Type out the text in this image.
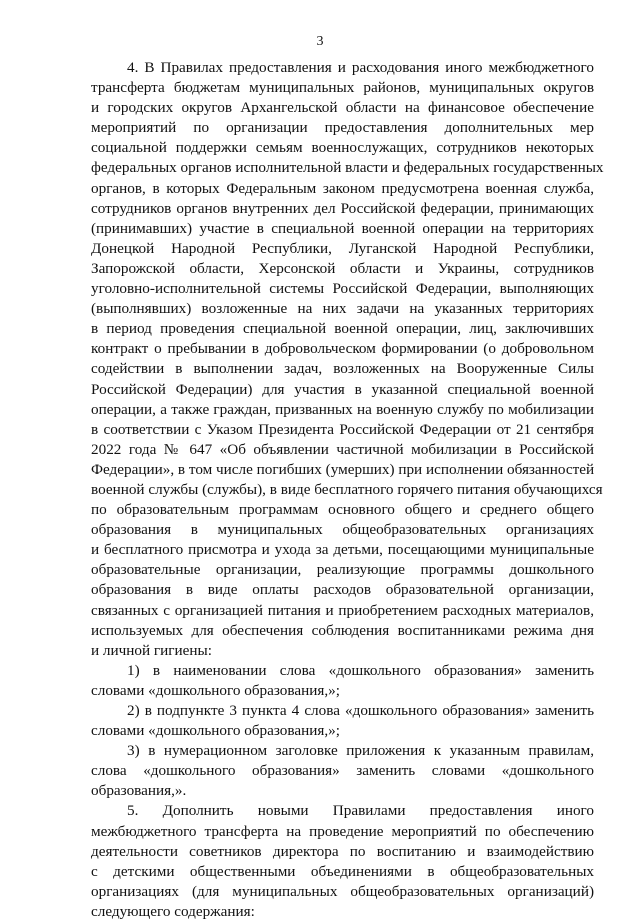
3
4. В Правилах предоставления и расходования иного межбюджетного
трансферта бюджетам муниципальных районов, муниципальных округов
и городских округов Архангельской области на финансовое обеспечение
мероприятий по организации предоставления дополнительных мер
социальной поддержки семьям военнослужащих, сотрудников некоторых
федеральных органов исполнительной власти и федеральных государственных
органов, в которых Федеральным законом предусмотрена военная служба,
сотрудников органов внутренних дел Российской федерации, принимающих
(принимавших) участие в специальной военной операции на территориях
Донецкой Народной Республики, Луганской Народной Республики,
Запорожской области, Херсонской области и Украины, сотрудников
уголовно-исполнительной системы Российской Федерации, выполняющих
(выполнявших) возложенные на них задачи на указанных территориях
в период проведения специальной военной операции, лиц, заключивших
контракт о пребывании в добровольческом формировании (о добровольном
содействии в выполнении задач, возложенных на Вооруженные Силы
Российской Федерации) для участия в указанной специальной военной
операции, а также граждан, призванных на военную службу по мобилизации
в соответствии с Указом Президента Российской Федерации от 21 сентября
2022 года № 647 «Об объявлении частичной мобилизации в Российской
Федерации», в том числе погибших (умерших) при исполнении обязанностей
военной службы (службы), в виде бесплатного горячего питания обучающихся
по образовательным программам основного общего и среднего общего
образования в муниципальных общеобразовательных организациях
и бесплатного присмотра и ухода за детьми, посещающими муниципальные
образовательные организации, реализующие программы дошкольного
образования в виде оплаты расходов образовательной организации,
связанных с организацией питания и приобретением расходных материалов,
используемых для обеспечения соблюдения воспитанниками режима дня
и личной гигиены:
1) в наименовании слова «дошкольного образования» заменить
словами «дошкольного образования,»;
2) в подпункте 3 пункта 4 слова «дошкольного образования» заменить
словами «дошкольного образования,»;
3) в нумерационном заголовке приложения к указанным правилам,
слова «дошкольного образования» заменить словами «дошкольного
образования,».
5. Дополнить новыми Правилами предоставления иного
межбюджетного трансферта на проведение мероприятий по обеспечению
деятельности советников директора по воспитанию и взаимодействию
с детскими общественными объединениями в общеобразовательных
организациях (для муниципальных общеобразовательных организаций)
следующего содержания:
